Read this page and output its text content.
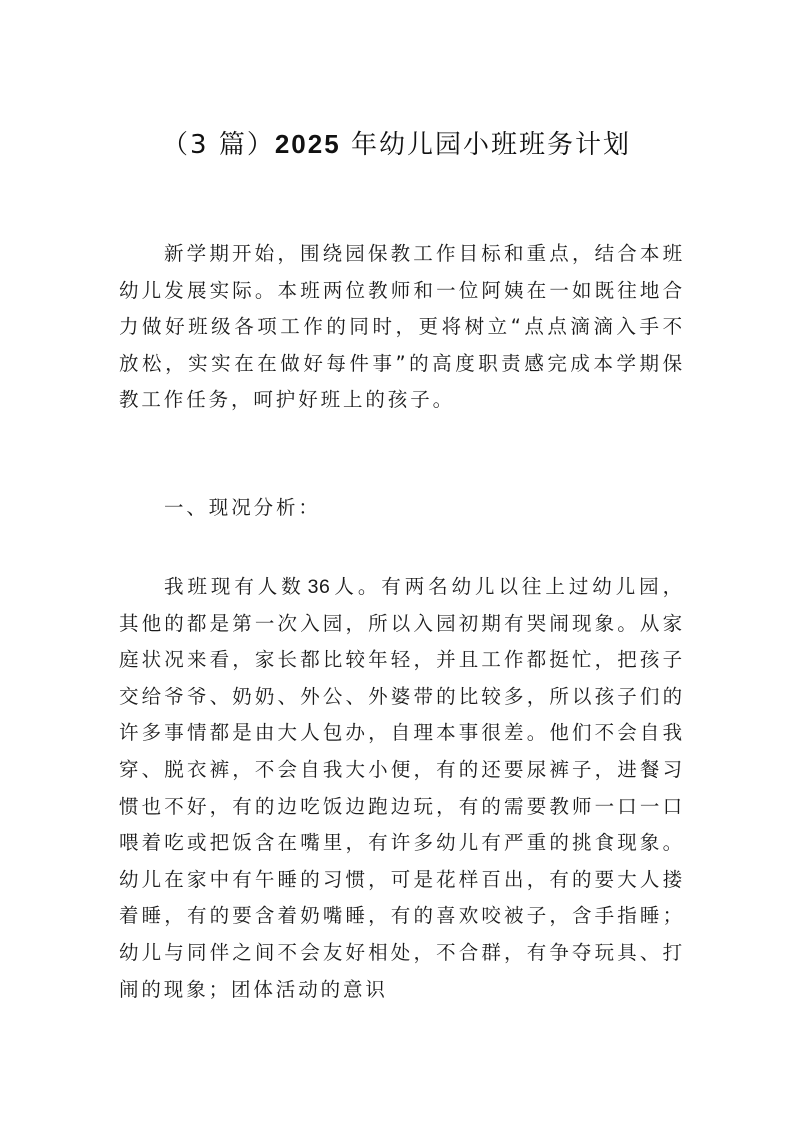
（3 篇）2025 年幼儿园小班班务计划

新学期开始，围绕园保教工作目标和重点，结合本班幼儿发展实际。本班两位教师和一位阿姨在一如既往地合力做好班级各项工作的同时，更将树立“点点滴滴入手不放松，实实在在做好每件事”的高度职责感完成本学期保教工作任务，呵护好班上的孩子。

一、现况分析：

我班现有人数 36 人。有两名幼儿以往上过幼儿园，其他的都是第一次入园，所以入园初期有哭闹现象。从家庭状况来看，家长都比较年轻，并且工作都挺忙，把孩子交给爷爷、奶奶、外公、外婆带的比较多，所以孩子们的许多事情都是由大人包办，自理本事很差。他们不会自我穿、脱衣裤，不会自我大小便，有的还要尿裤子，进餐习惯也不好，有的边吃饭边跑边玩，有的需要教师一口一口喂着吃或把饭含在嘴里，有许多幼儿有严重的挑食现象。幼儿在家中有午睡的习惯，可是花样百出，有的要大人搂着睡，有的要含着奶嘴睡，有的喜欢咬被子，含手指睡；幼儿与同伴之间不会友好相处，不合群，有争夺玩具、打闹的现象；团体活动的意识
